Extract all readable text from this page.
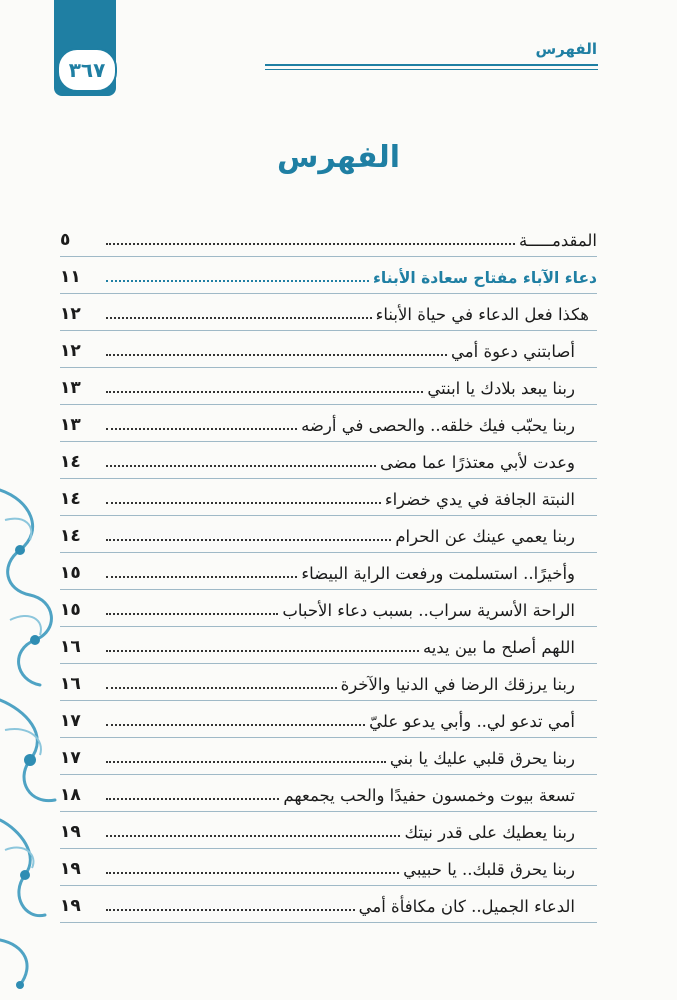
٣٦٧
الفهرس
الفهرس
المقدمـــــة
٥
دعاء الآباء مفتاح سعادة الأبناء
١١
هكذا فعل الدعاء في حياة الأبناء
١٢
أصابتني دعوة أمي
١٢
ربنا يبعد بلادك يا ابنتي
١٣
ربنا يحبّب فيك خلقه.. والحصى في أرضه
١٣
وعدت لأبي معتذرًا عما مضى
١٤
النبتة الجافة في يدي خضراء
١٤
ربنا يعمي عينك عن الحرام
١٤
وأخيرًا.. استسلمت ورفعت الراية البيضاء
١٥
الراحة الأسرية سراب.. بسبب دعاء الأحباب
١٥
اللهم أصلح ما بين يديه
١٦
ربنا يرزقك الرضا في الدنيا والآخرة
١٦
أمي تدعو لي.. وأبي يدعو عليّ
١٧
ربنا يحرق قلبي عليك يا بني
١٧
تسعة بيوت وخمسون حفيدًا والحب يجمعهم
١٨
ربنا يعطيك على قدر نيتك
١٩
ربنا يحرق قلبك.. يا حبيبي
١٩
الدعاء الجميل.. كان مكافأة أمي
١٩
